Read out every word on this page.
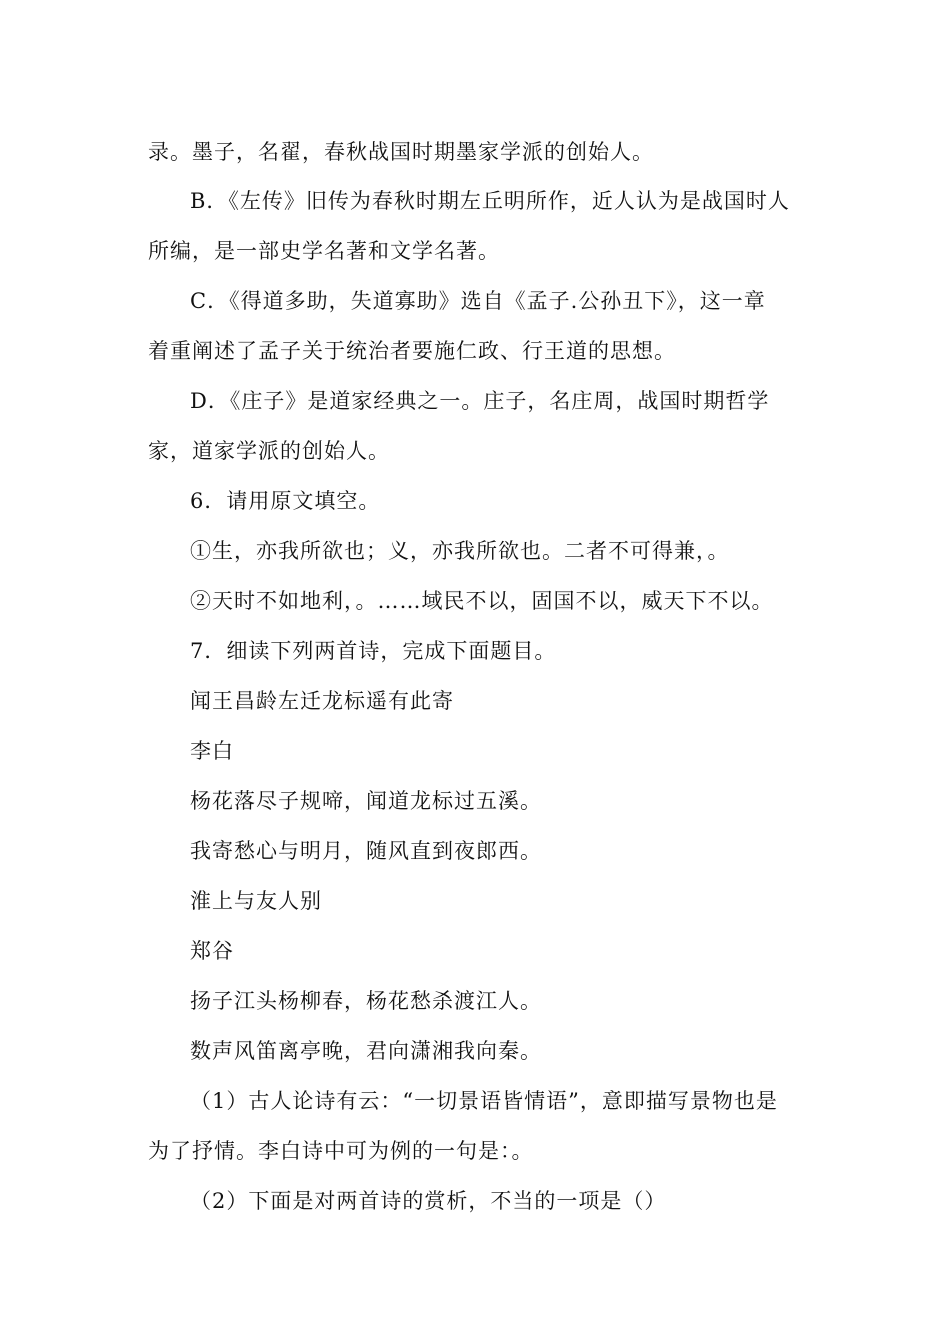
录。墨子，名翟，春秋战国时期墨家学派的创始人。
B．《左传》旧传为春秋时期左丘明所作，近人认为是战国时人
所编，是一部史学名著和文学名著。
C．《得道多助，失道寡助》选自《孟子.公孙丑下》，这一章
着重阐述了孟子关于统治者要施仁政、行王道的思想。
D．《庄子》是道家经典之一。庄子，名庄周，战国时期哲学
家，道家学派的创始人。
6．请用原文填空。
①生，亦我所欲也；义，亦我所欲也。二者不可得兼，。
②天时不如地利，。……域民不以，固国不以，威天下不以。
7．细读下列两首诗，完成下面题目。
闻王昌龄左迁龙标遥有此寄
李白
杨花落尽子规啼，闻道龙标过五溪。
我寄愁心与明月，随风直到夜郎西。
淮上与友人别
郑谷
扬子江头杨柳春，杨花愁杀渡江人。
数声风笛离亭晚，君向潇湘我向秦。
（1）古人论诗有云：“一切景语皆情语”，意即描写景物也是
为了抒情。李白诗中可为例的一句是：。
（2）下面是对两首诗的赏析，不当的一项是（）
